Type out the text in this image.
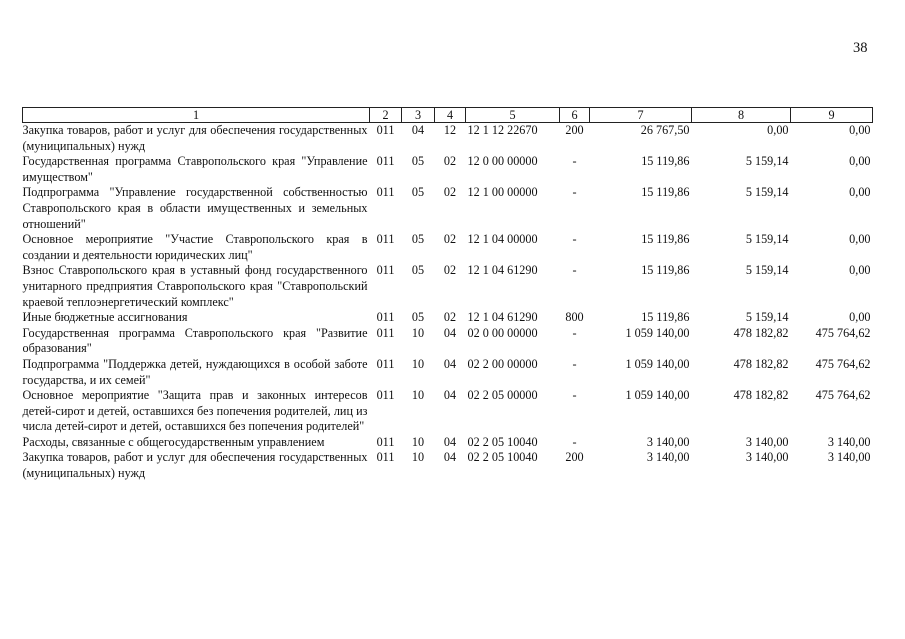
38
1	2	3	4	5	6	7	8	9
Закупка товаров, работ и услуг для обеспечения государственных (муниципальных) нужд	011	04	12	12 1 12 22670	200	26 767,50	0,00	0,00
Государственная программа Ставропольского края "Управление имуществом"	011	05	02	12 0 00 00000	-	15 119,86	5 159,14	0,00
Подпрограмма "Управление государственной собственностью Ставропольского края в области имущественных и земельных отношений"	011	05	02	12 1 00 00000	-	15 119,86	5 159,14	0,00
Основное мероприятие "Участие Ставропольского края в создании и деятельности юридических лиц"	011	05	02	12 1 04 00000	-	15 119,86	5 159,14	0,00
Взнос Ставропольского края в уставный фонд государственного унитарного предприятия Ставропольского края "Ставропольский краевой теплоэнергетический комплекс"	011	05	02	12 1 04 61290	-	15 119,86	5 159,14	0,00
Иные бюджетные ассигнования	011	05	02	12 1 04 61290	800	15 119,86	5 159,14	0,00
Государственная программа Ставропольского края "Развитие образования"	011	10	04	02 0 00 00000	-	1 059 140,00	478 182,82	475 764,62
Подпрограмма "Поддержка детей, нуждающихся в особой заботе государства, и их семей"	011	10	04	02 2 00 00000	-	1 059 140,00	478 182,82	475 764,62
Основное мероприятие "Защита прав и законных интересов детей-сирот и детей, оставшихся без попечения родителей, лиц из числа детей-сирот и детей, оставшихся без попечения родителей"	011	10	04	02 2 05 00000	-	1 059 140,00	478 182,82	475 764,62
Расходы, связанные с общегосударственным управлением	011	10	04	02 2 05 10040	-	3 140,00	3 140,00	3 140,00
Закупка товаров, работ и услуг для обеспечения государственных (муниципальных) нужд	011	10	04	02 2 05 10040	200	3 140,00	3 140,00	3 140,00
